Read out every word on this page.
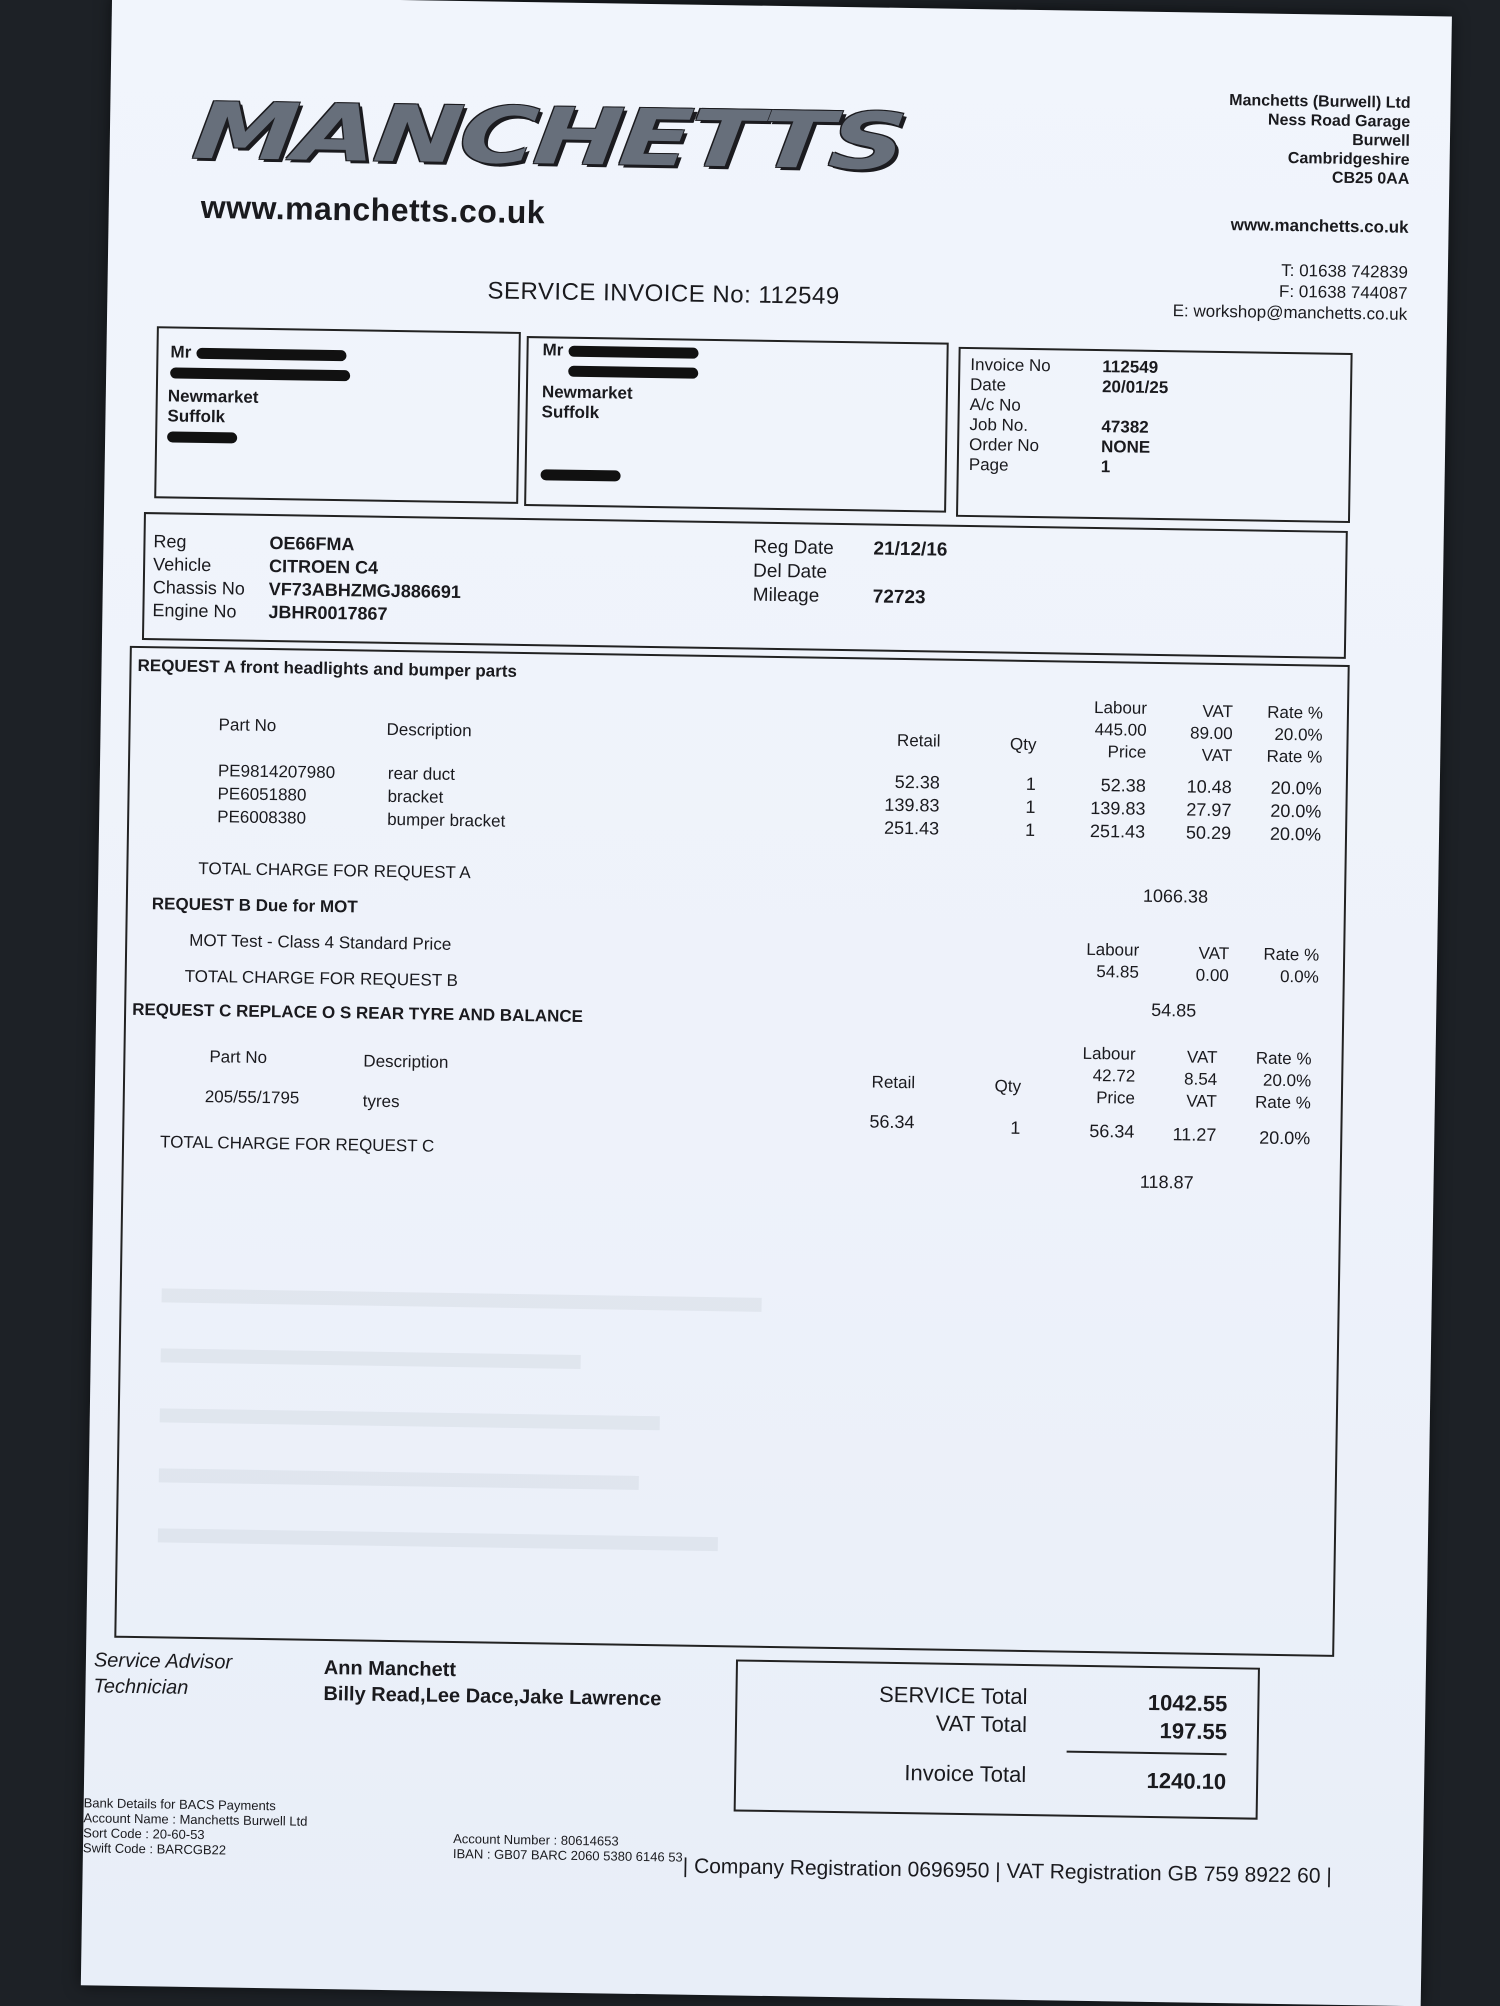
MANCHETTS
www.manchetts.co.uk
Manchetts (Burwell) Ltd
Ness Road Garage
Burwell
Cambridgeshire
CB25 0AA
www.manchetts.co.uk
T: 01638 742839
F: 01638 744087
E: workshop@manchetts.co.uk
SERVICE INVOICE No: 112549
Mr
Newmarket
Suffolk
Mr
Newmarket
Suffolk
Invoice No	112549
Date	20/01/25
A/c No
Job No.	47382
Order No	NONE
Page	1
Reg	OE66FMA
Vehicle	CITROEN C4
Chassis No	VF73ABHZMGJ886691
Engine No	JBHR0017867
Reg Date	21/12/16
Del Date
Mileage	72723
REQUEST A front headlights and bumper parts
Labour	VAT	Rate %
445.00	89.00	20.0%
Part No	Description
Retail	Qty	Price	VAT	Rate %
PE9814207980	rear duct	52.38	1	52.38	10.48	20.0%
PE6051880	bracket	139.83	1	139.83	27.97	20.0%
PE6008380	bumper bracket	251.43	1	251.43	50.29	20.0%
TOTAL CHARGE FOR REQUEST A
1066.38
REQUEST B Due for MOT
MOT Test - Class 4 Standard Price	Labour	VAT	Rate %
54.85	0.00	0.0%
TOTAL CHARGE FOR REQUEST B
54.85
REQUEST C REPLACE O S REAR TYRE AND BALANCE
Labour	VAT	Rate %
42.72	8.54	20.0%
Part No	Description
Retail	Qty
Price	VAT	Rate %
205/55/1795	tyres
56.34	1	56.34	11.27	20.0%
TOTAL CHARGE FOR REQUEST C
118.87
Service Advisor
Technician
Ann Manchett
Billy Read,Lee Dace,Jake Lawrence	SERVICE Total	1042.55
VAT Total	197.55
Invoice Total	1240.10
Bank Details for BACS Payments
Account Name : Manchetts Burwell Ltd
Sort Code : 20-60-53
Swift Code : BARCGB22
Account Number : 80614653
IBAN : GB07 BARC 2060 5380 6146 53 | Company Registration 0696950 | VAT Registration GB 759 8922 60 |
